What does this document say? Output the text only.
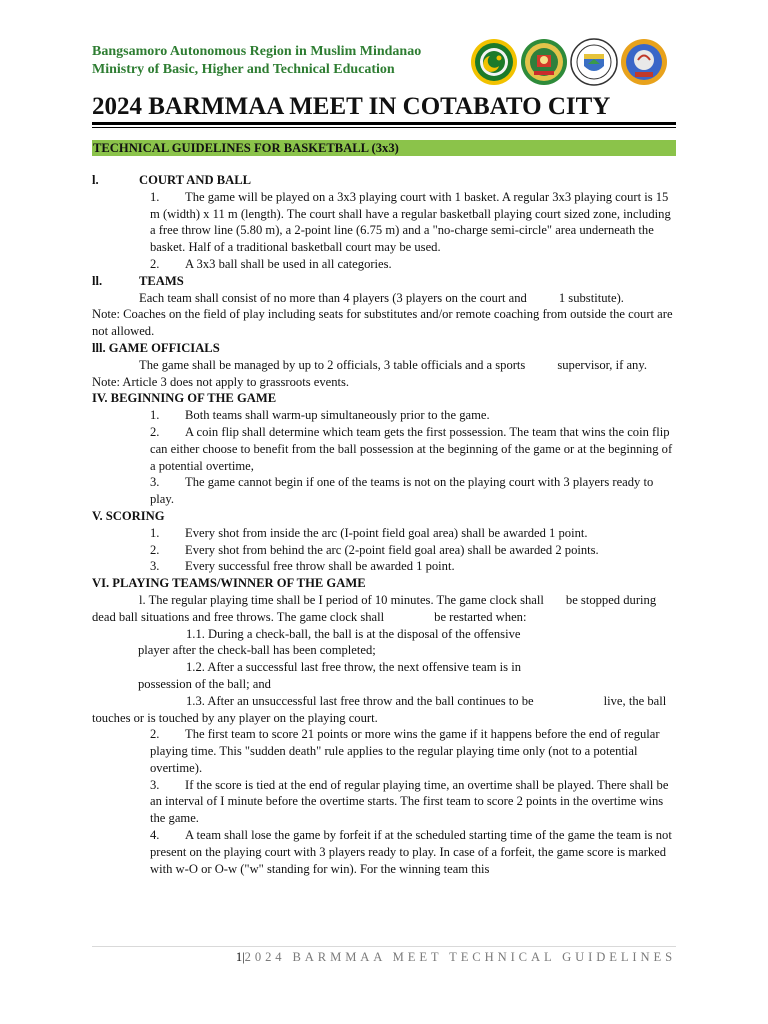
Bangsamoro Autonomous Region in Muslim Mindanao
Ministry of Basic, Higher and Technical Education
2024 BARMMAA MEET IN COTABATO CITY
TECHNICAL GUIDELINES FOR BASKETBALL (3x3)
l.	COURT AND BALL

1. The game will be played on a 3x3 playing court with 1 basket. A regular 3x3 playing court is 15 m (width) x 11 m (length). The court shall have a regular basketball playing court sized zone, including a free throw line (5.80 m), a 2-point line (6.75 m) and a "no-charge semi-circle" area underneath the basket. Half of a traditional basketball court may be used.

2. A 3x3 ball shall be used in all categories.

ll.	TEAMS

Each team shall consist of no more than 4 players (3 players on the court and	1 substitute).

Note: Coaches on the field of play including seats for substitutes and/or remote coaching from outside the court are not allowed.

lll. GAME OFFICIALS

The game shall be managed by up to 2 officials, 3 table officials and a sports	supervisor, if any.

Note: Article 3 does not apply to grassroots events.

IV. BEGINNING OF THE GAME

1. Both teams shall warm-up simultaneously prior to the game.

2. A coin flip shall determine which team gets the first possession. The team that wins the coin flip can either choose to benefit from the ball possession at the beginning of the game or at the beginning of a potential overtime,

3. The game cannot begin if one of the teams is not on the playing court with 3 players ready to play.

V. SCORING

1. Every shot from inside the arc (I-point field goal area) shall be awarded 1 point.

2. Every shot from behind the arc (2-point field goal area) shall be awarded 2 points.

3. Every successful free throw shall be awarded 1 point.

VI. PLAYING TEAMS/WINNER OF THE GAME

l. The regular playing time shall be I period of 10 minutes. The game clock shall be stopped during dead ball situations and free throws. The game clock shall	be restarted when:

1.1. During a check-ball, the ball is at the disposal of the offensive
player after the check-ball has been completed;

1.2. After a successful last free throw, the next offensive team is in
possession of the ball; and

1.3. After an unsuccessful last free throw and the ball continues to be	live, the ball touches or is touched by any player on the playing court.

2. The first team to score 21 points or more wins the game if it happens before the end of regular playing time. This "sudden death" rule applies to the regular playing time only (not to a potential overtime).

3. If the score is tied at the end of regular playing time, an overtime shall be played. There shall be an interval of I minute before the overtime starts. The first team to score 2 points in the overtime wins the game.

4. A team shall lose the game by forfeit if at the scheduled starting time of the game the team is not present on the playing court with 3 players ready to play. In case of a forfeit, the game score is marked with w-O or O-w ("w" standing for win). For the winning team this

1|2024 BARMMAA MEET TECHNICAL GUIDELINES
